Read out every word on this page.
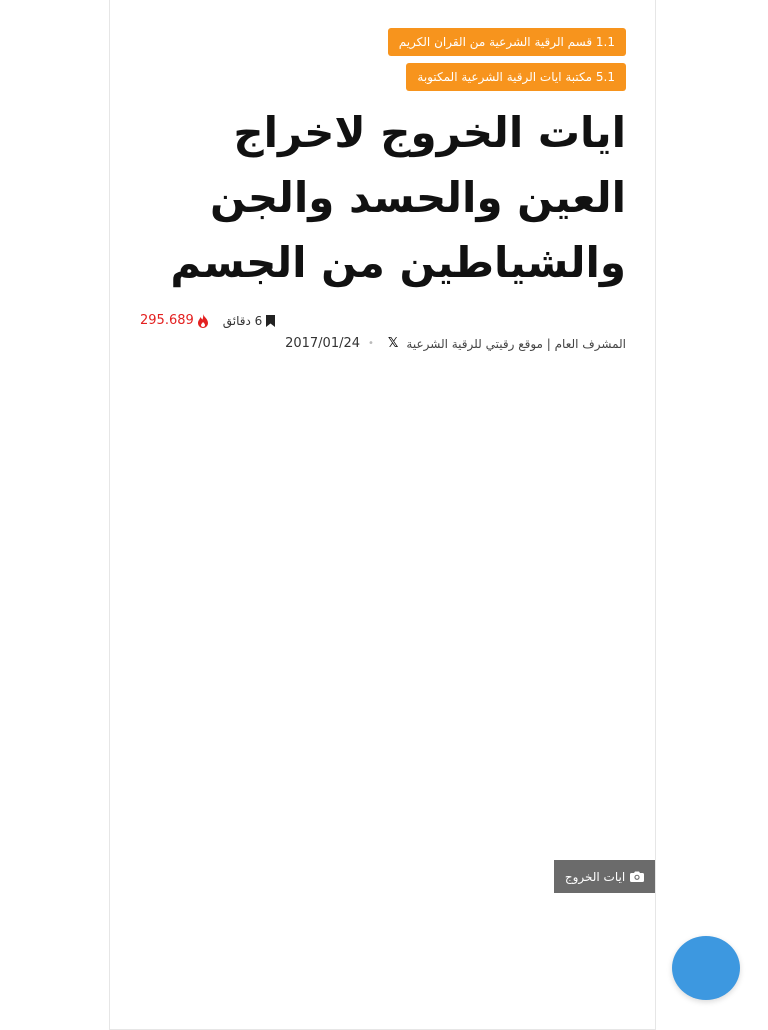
1.1 قسم الرقية الشرعية من القران الكريم
5.1 مكتبة ايات الرقية الشرعية المكتوبة
ايات الخروج لاخراج العين والحسد والجن والشياطين من الجسم
295.689 6 دقائق
المشرف العام | موقع رقيتي للرقية الشرعية
𝕏
•
2017/01/24
ايات الخروج
